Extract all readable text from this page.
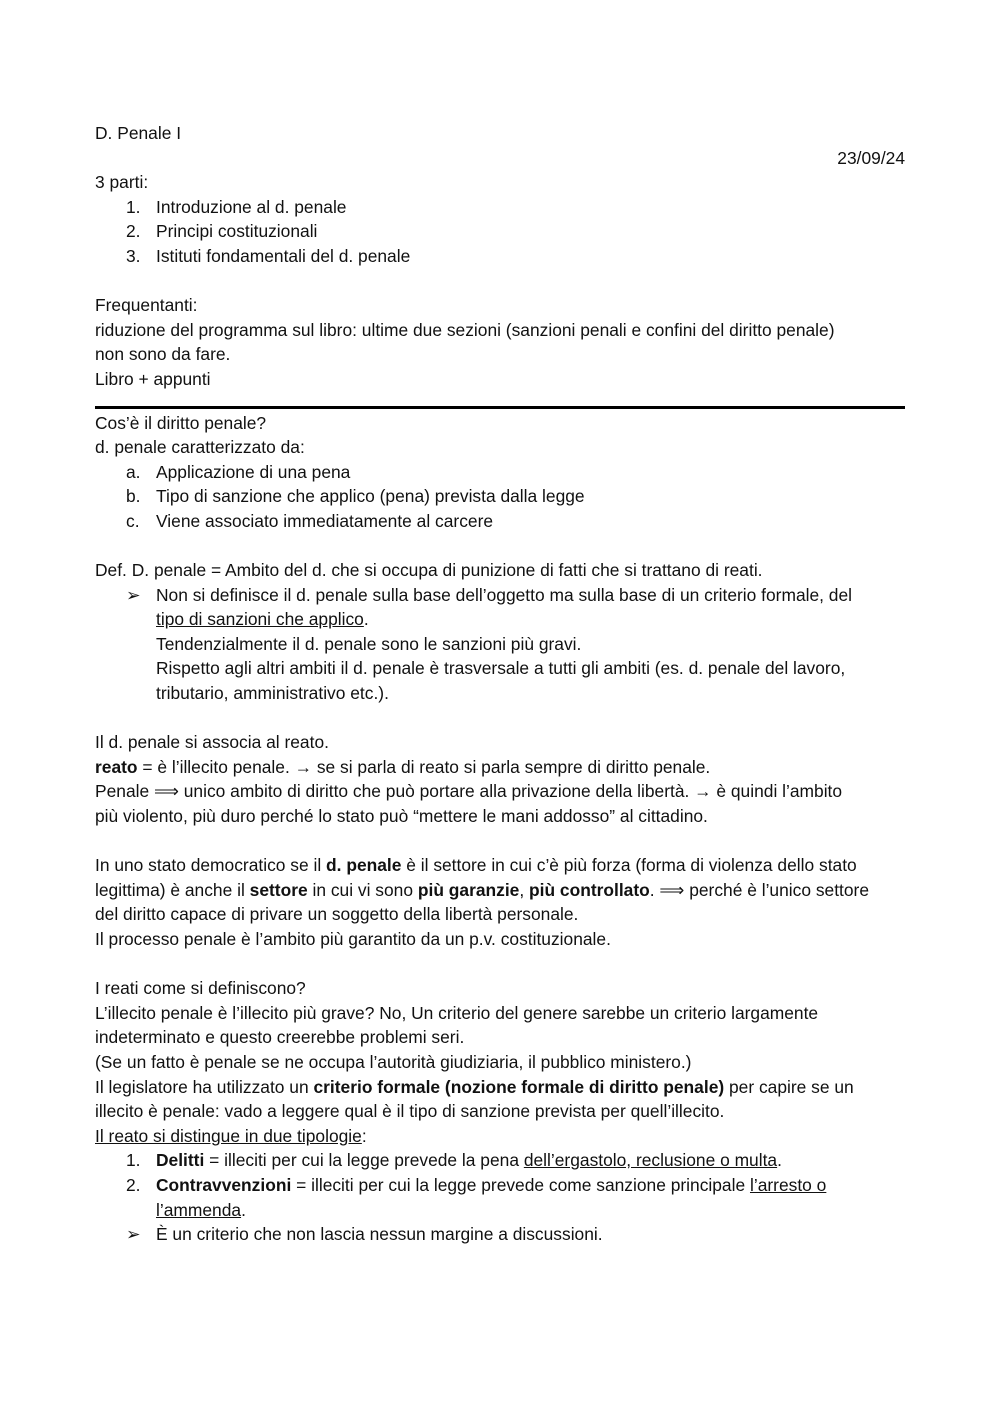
D. Penale I

23/09/24

3 parti:

1. Introduzione al d. penale
2. Principi costituzionali
3. Istituti fondamentali del d. penale

Frequentanti:

riduzione del programma sul libro: ultime due sezioni (sanzioni penali e confini del diritto penale)

non sono da fare.

Libro + appunti

Cos’è il diritto penale?

d. penale caratterizzato da:

a. Applicazione di una pena
b. Tipo di sanzione che applico (pena) prevista dalla legge
c. Viene associato immediatamente al carcere

Def. D. penale = Ambito del d. che si occupa di punizione di fatti che si trattano di reati.

➢ Non si definisce il d. penale sulla base dell’oggetto ma sulla base di un criterio formale, del
tipo di sanzioni che applico.
Tendenzialmente il d. penale sono le sanzioni più gravi.
Rispetto agli altri ambiti il d. penale è trasversale a tutti gli ambiti (es. d. penale del lavoro,
tributario, amministrativo etc.).

Il d. penale si associa al reato.

reato = è l’illecito penale. → se si parla di reato si parla sempre di diritto penale.

Penale ⟹ unico ambito di diritto che può portare alla privazione della libertà. → è quindi l’ambito

più violento, più duro perché lo stato può “mettere le mani addosso” al cittadino.

In uno stato democratico se il d. penale è il settore in cui c’è più forza (forma di violenza dello stato

legittima) è anche il settore in cui vi sono più garanzie, più controllato. ⟹ perché è l’unico settore

del diritto capace di privare un soggetto della libertà personale.

Il processo penale è l’ambito più garantito da un p.v. costituzionale.

I reati come si definiscono?

L’illecito penale è l’illecito più grave? No, Un criterio del genere sarebbe un criterio largamente

indeterminato e questo creerebbe problemi seri.

(Se un fatto è penale se ne occupa l’autorità giudiziaria, il pubblico ministero.)

Il legislatore ha utilizzato un criterio formale (nozione formale di diritto penale) per capire se un

illecito è penale: vado a leggere qual è il tipo di sanzione prevista per quell’illecito.

Il reato si distingue in due tipologie:

1. Delitti = illeciti per cui la legge prevede la pena dell’ergastolo, reclusione o multa.
2. Contravvenzioni = illeciti per cui la legge prevede come sanzione principale l’arresto o
l’ammenda.
➢ È un criterio che non lascia nessun margine a discussioni.
